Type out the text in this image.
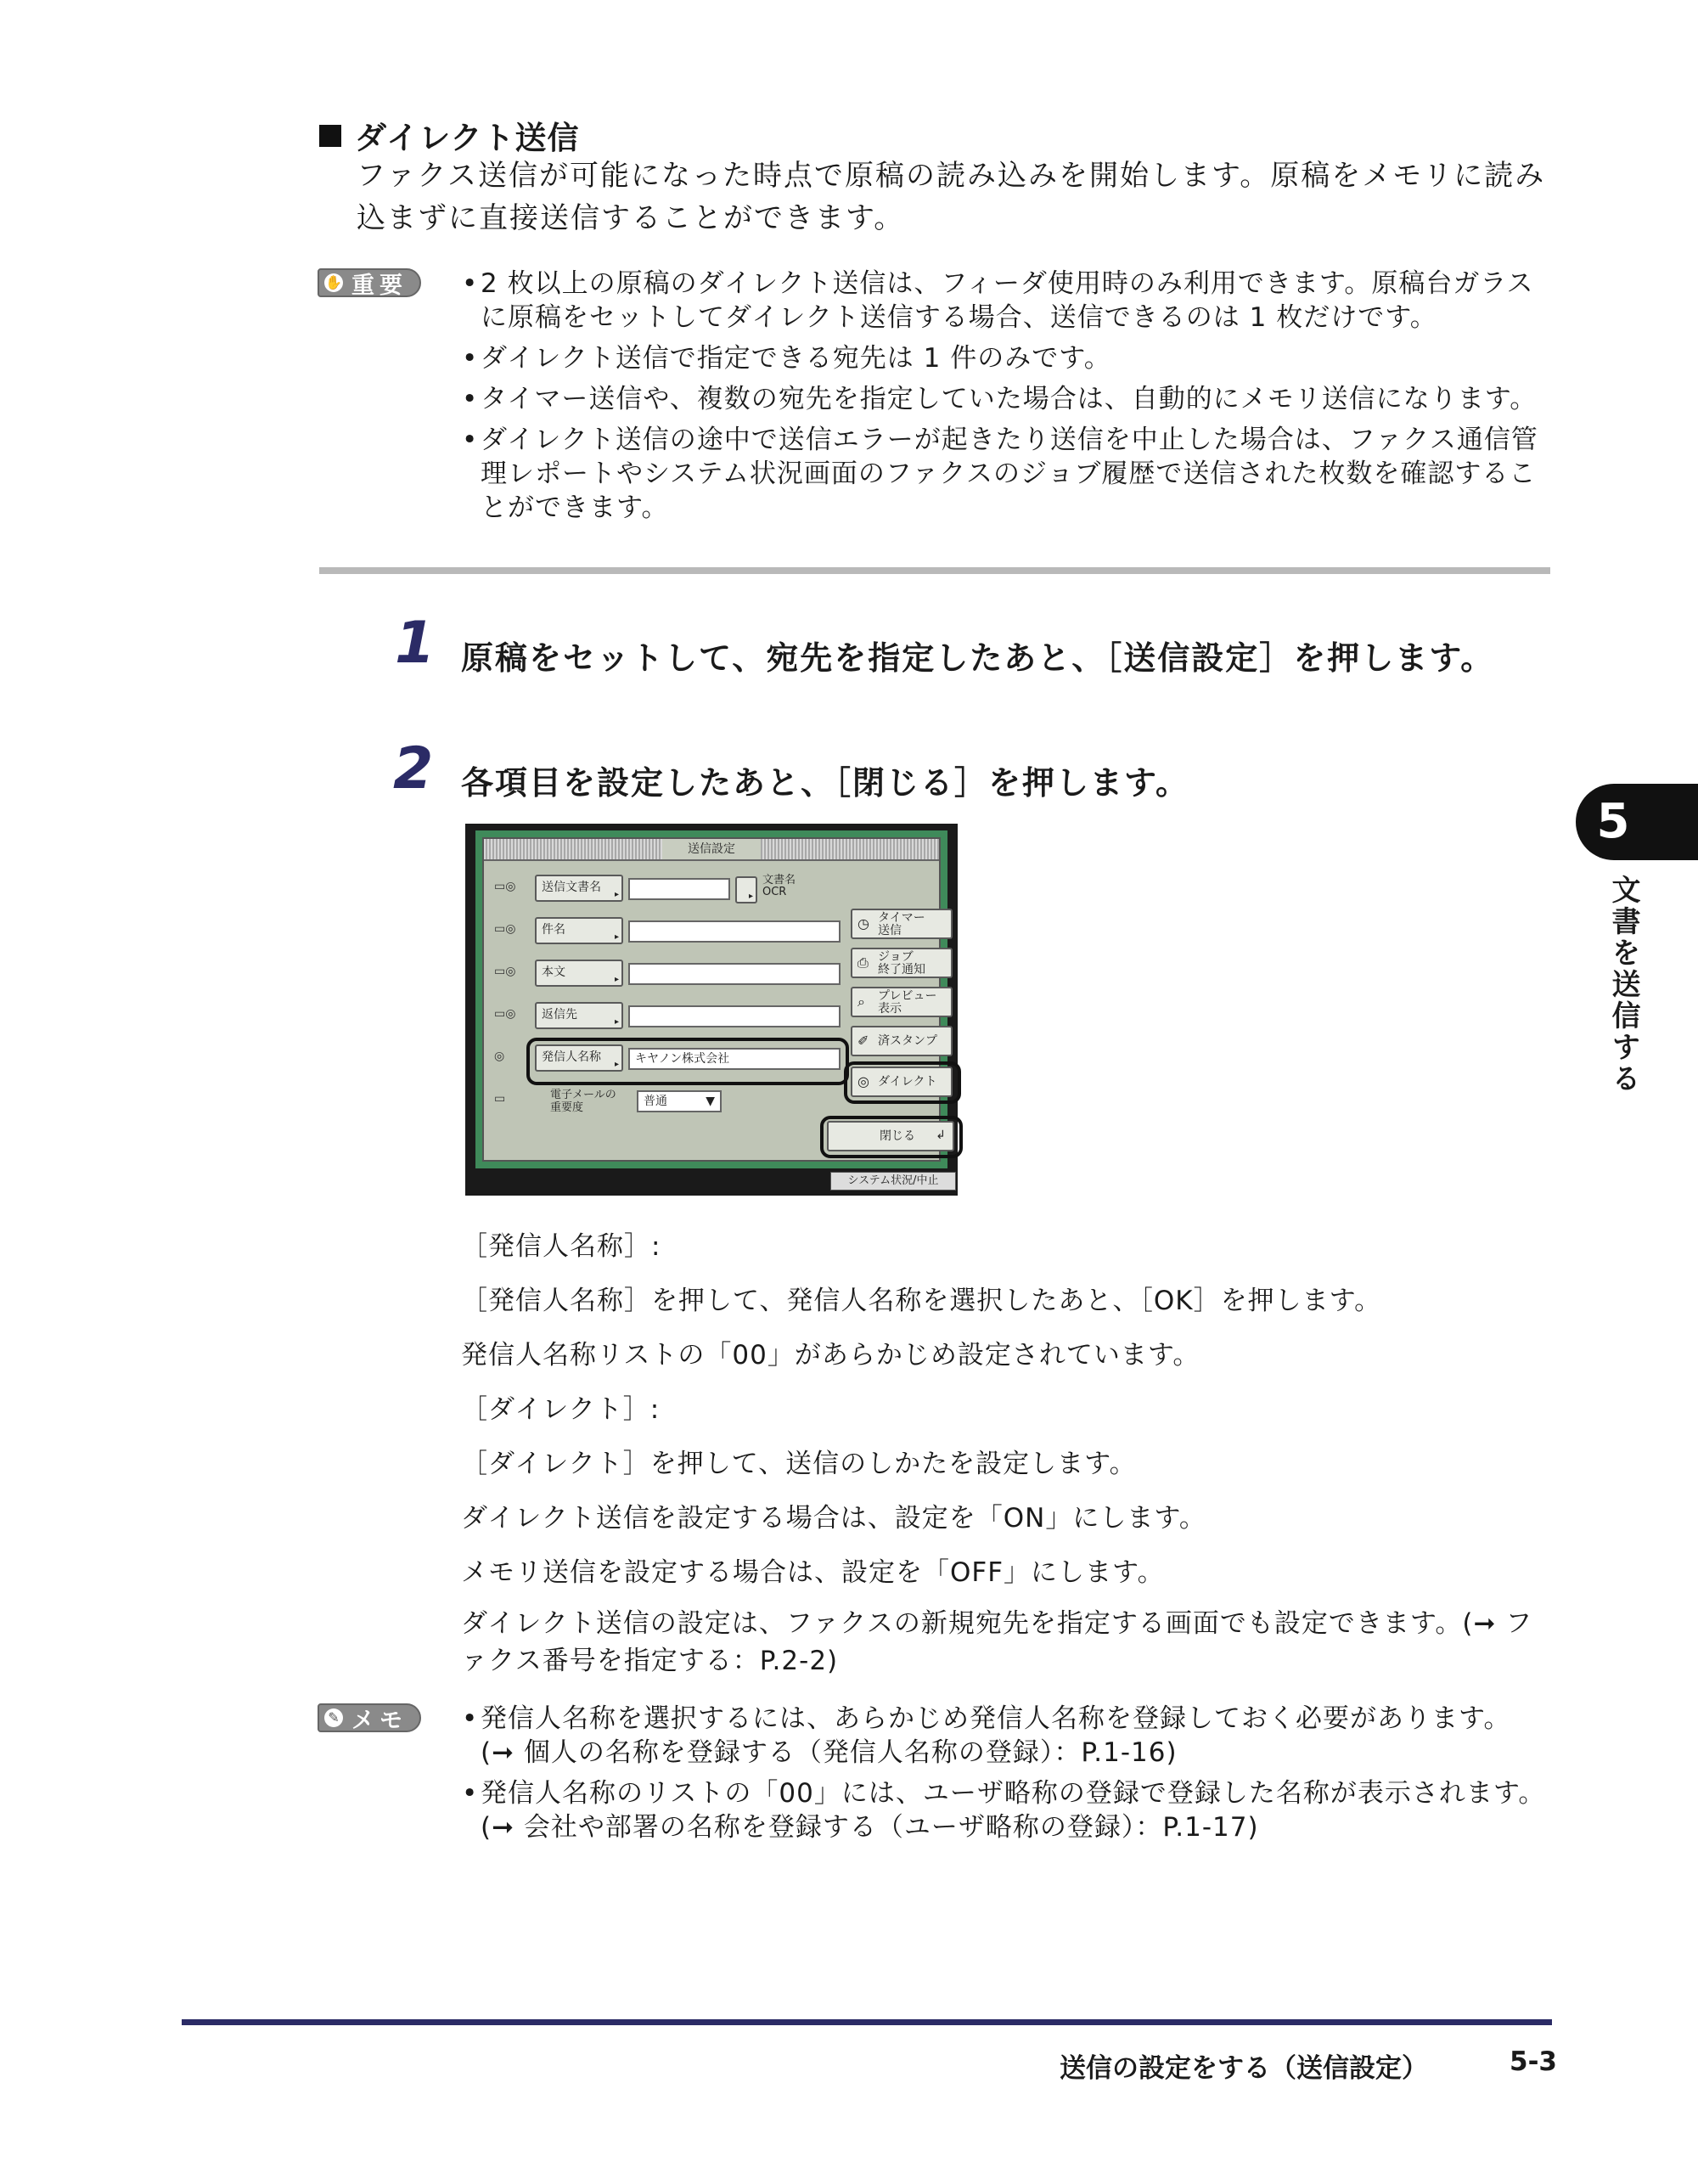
ダイレクト送信
ファクス送信が可能になった時点で原稿の読み込みを開始します。原稿をメモリに読み込まずに直接送信することができます。
✋ 重要	• 2 枚以上の原稿のダイレクト送信は、フィーダ使用時のみ利用できます。原稿台ガラスに原稿をセットしてダイレクト送信する場合、送信できるのは 1 枚だけです。
• ダイレクト送信で指定できる宛先は 1 件のみです。
• タイマー送信や、複数の宛先を指定していた場合は、自動的にメモリ送信になります。
• ダイレクト送信の途中で送信エラーが起きたり送信を中止した場合は、ファクス通信管理レポートやシステム状況画面のファクスのジョブ履歴で送信された枚数を確認することができます。
1 原稿をセットして、宛先を指定したあと、［送信設定］を押します。
2 各項目を設定したあと、［閉じる］を押します。
送信設定
▭◎	送信文書名 ▸
▸
文書名
OCR
▭◎	件名 ▸
▭◎	本文 ▸
▭◎	返信先 ▸
◎	発信人名称 ▸	キヤノン株式会社
▭	電子メールの
重要度	普通	▼
◷ タイマー
送信
⎙ ジョブ
終了通知
⌕ プレビュー
表示
✐ 済スタンプ
◎ ダイレクト
閉じる ↲
システム状況/中止
［発信人名称］:
［発信人名称］を押して、発信人名称を選択したあと、［OK］を押します。
発信人名称リストの「00」があらかじめ設定されています。
［ダイレクト］:
［ダイレクト］を押して、送信のしかたを設定します。
ダイレクト送信を設定する場合は、設定を「ON」にします。
メモリ送信を設定する場合は、設定を「OFF」にします。
ダイレクト送信の設定は、ファクスの新規宛先を指定する画面でも設定できます。(➞ ファクス番号を指定する：P.2-2)
✎ メモ	• 発信人名称を選択するには、あらかじめ発信人名称を登録しておく必要があります。
(➞ 個人の名称を登録する（発信人名称の登録）：P.1-16)
• 発信人名称のリストの「00」には、ユーザ略称の登録で登録した名称が表示されます。
(➞ 会社や部署の名称を登録する（ユーザ略称の登録）：P.1-17)
5
文書を送信する
送信の設定をする（送信設定）	5-3
